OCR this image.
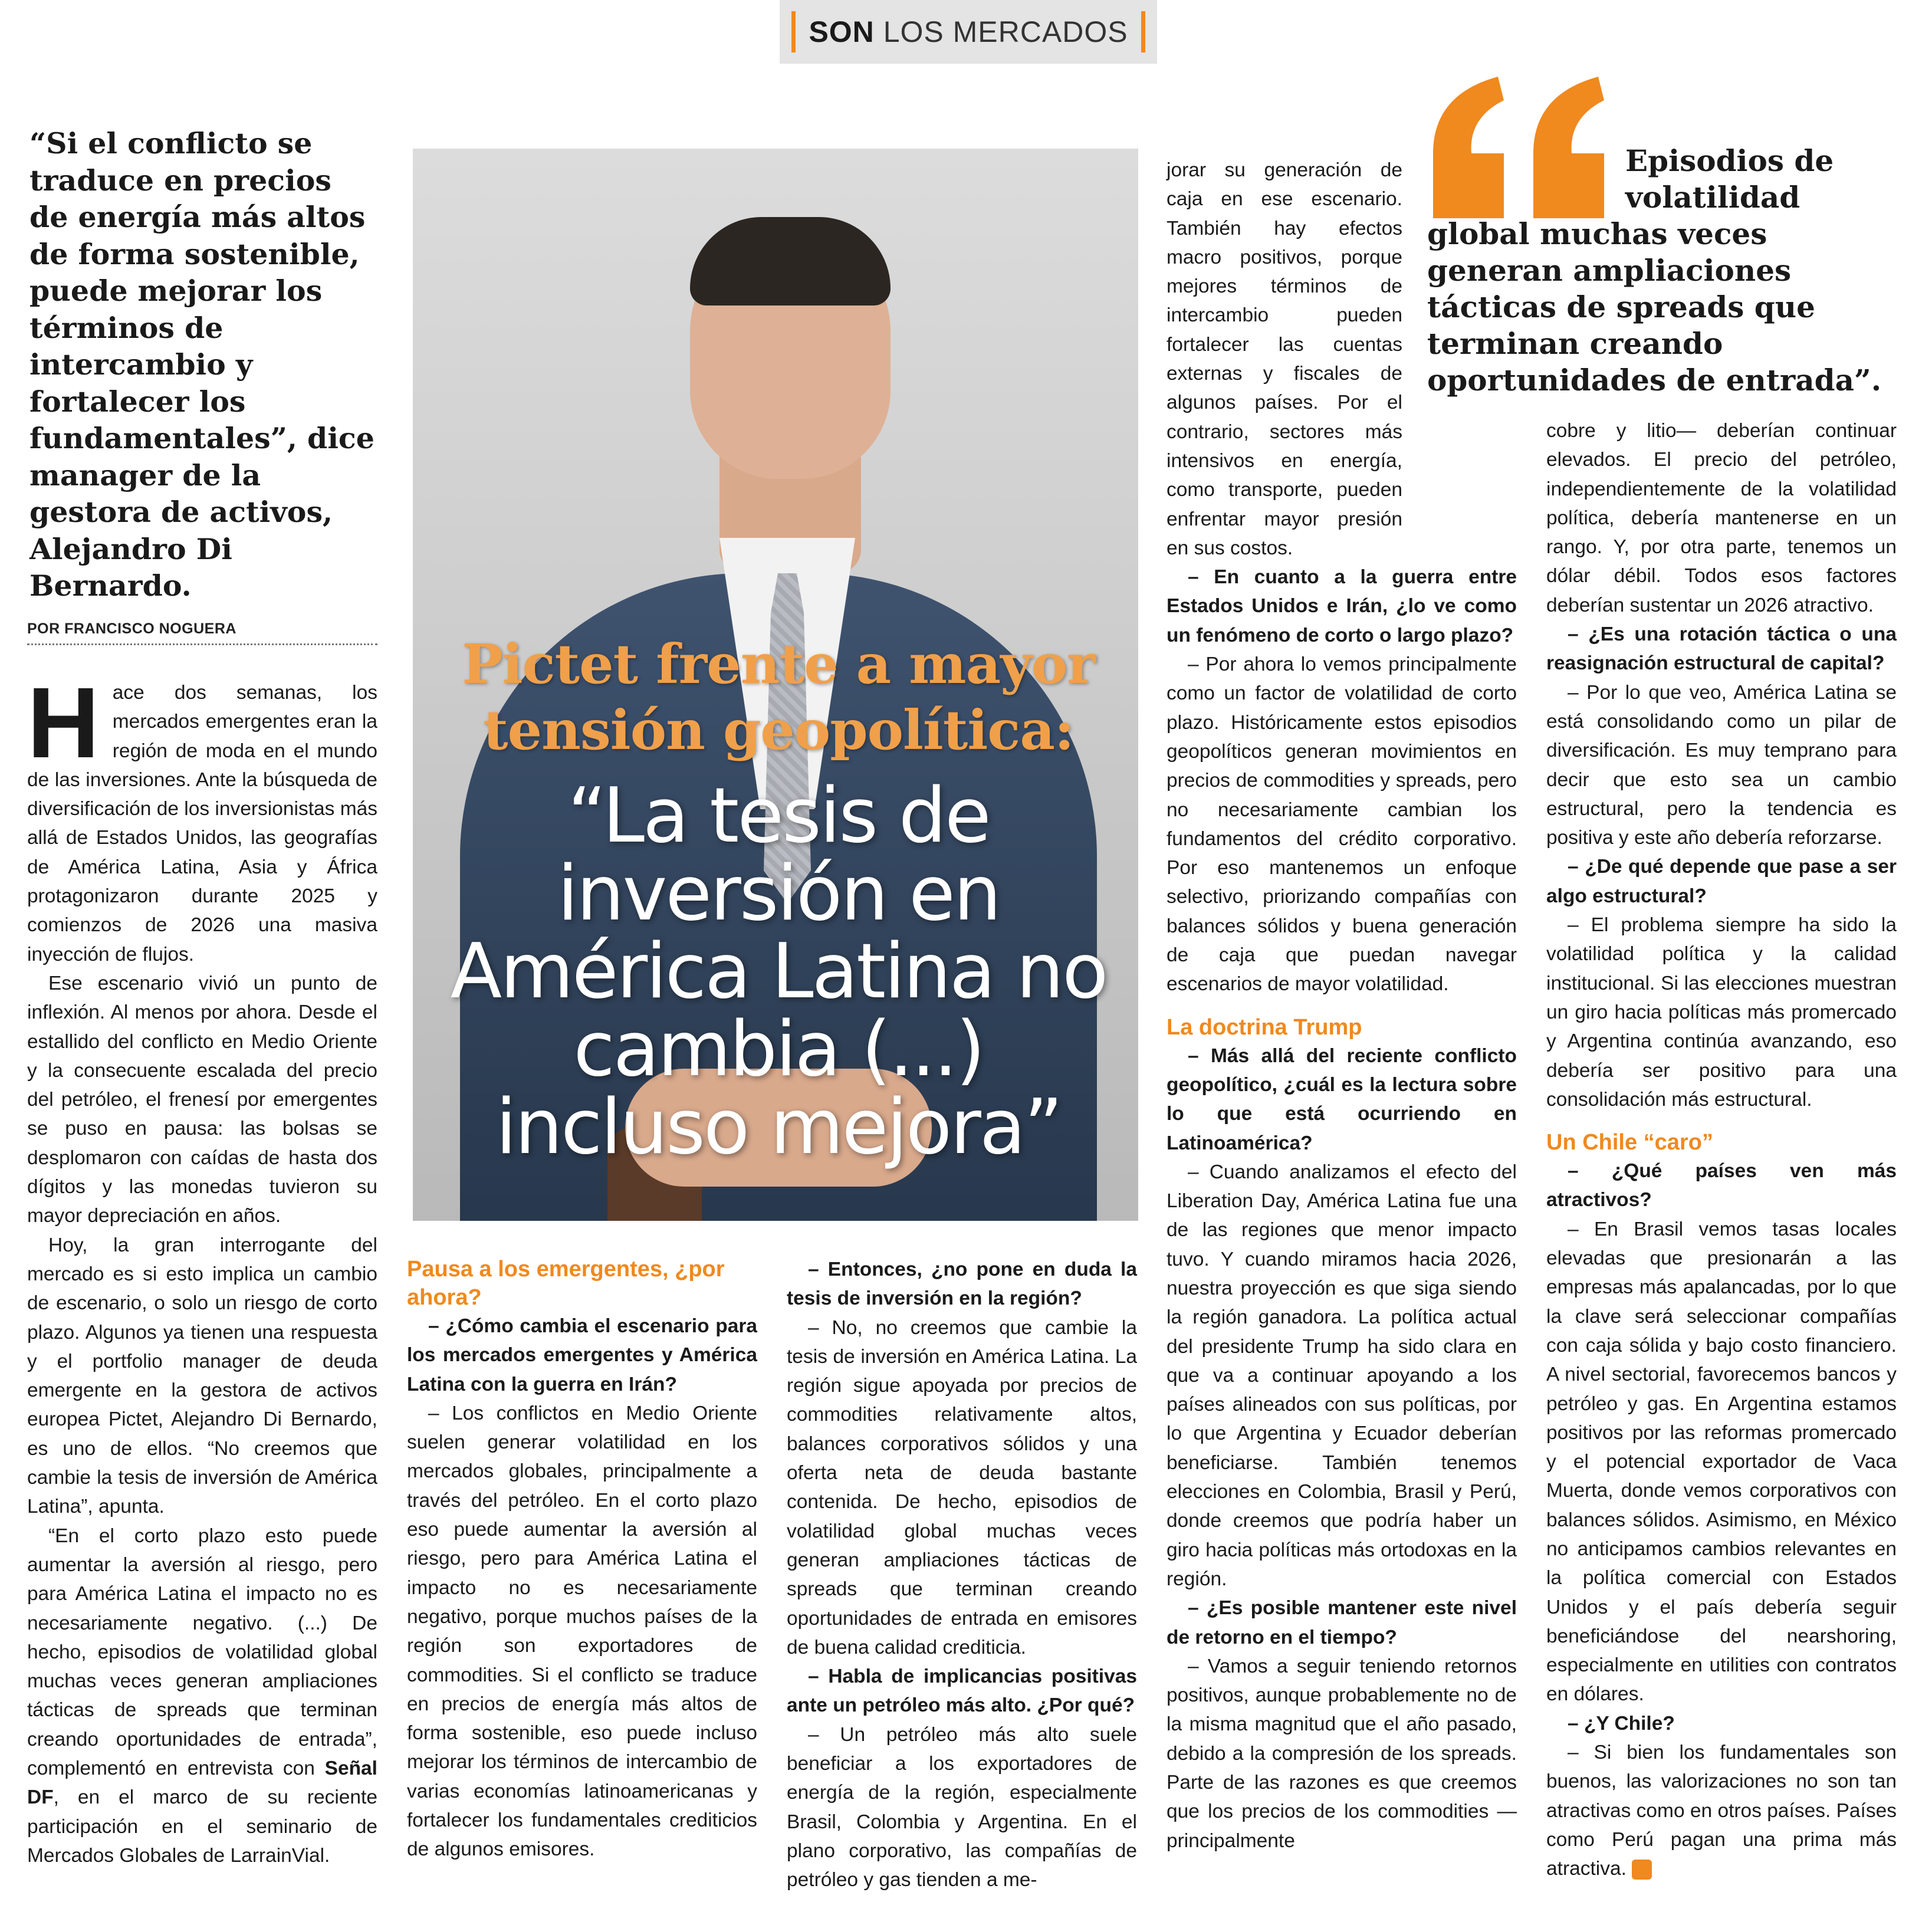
SON LOS MERCADOS
“Si el conflicto se traduce en precios de energía más altos de forma sostenible, puede mejorar los términos de intercambio y fortalecer los fundamentales”, dice manager de la gestora de activos, Alejandro Di Bernardo.
POR FRANCISCO NOGUERA
H ace dos semanas, los mercados emergentes eran la región de moda en el mundo de las inversiones. Ante la búsqueda de diversificación de los inversionistas más allá de Estados Unidos, las geografías de América Latina, Asia y África protagonizaron durante 2025 y comienzos de 2026 una masiva inyección de flujos.

Ese escenario vivió un punto de inflexión. Al menos por ahora. Desde el estallido del conflicto en Medio Oriente y la consecuente escalada del precio del petróleo, el frenesí por emergentes se puso en pausa: las bolsas se desplomaron con caídas de hasta dos dígitos y las monedas tuvieron su mayor depreciación en años.

Hoy, la gran interrogante del mercado es si esto implica un cambio de escenario, o solo un riesgo de corto plazo. Algunos ya tienen una respuesta y el portfolio manager de deuda emergente en la gestora de activos europea Pictet, Alejandro Di Bernardo, es uno de ellos. “No creemos que cambie la tesis de inversión de América Latina”, apunta.

“En el corto plazo esto puede aumentar la aversión al riesgo, pero para América Latina el impacto no es necesariamente negativo. (...) De hecho, episodios de volatilidad global muchas veces generan ampliaciones tácticas de spreads que terminan creando oportunidades de entrada”, complementó en entrevista con Señal DF, en el marco de su reciente participación en el seminario de Mercados Globales de LarrainVial.

Pictet frente a mayor tensión geopolítica:
“La tesis de inversión en América Latina no cambia (...) incluso mejora”
Pausa a los emergentes, ¿por ahora?

– ¿Cómo cambia el escenario para los mercados emergentes y América Latina con la guerra en Irán?

– Los conflictos en Medio Oriente suelen generar volatilidad en los mercados globales, principalmente a través del petróleo. En el corto plazo eso puede aumentar la aversión al riesgo, pero para América Latina el impacto no es necesariamente negativo, porque muchos países de la región son exportadores de commodities. Si el conflicto se traduce en precios de energía más altos de forma sostenible, eso puede incluso mejorar los términos de intercambio de varias economías latinoamericanas y fortalecer los fundamentales crediticios de algunos emisores.

– Entonces, ¿no pone en duda la tesis de inversión en la región?

– No, no creemos que cambie la tesis de inversión en América Latina. La región sigue apoyada por precios de commodities relativamente altos, balances corporativos sólidos y una oferta neta de deuda bastante contenida. De hecho, episodios de volatilidad global muchas veces generan ampliaciones tácticas de spreads que terminan creando oportunidades de entrada en emisores de buena calidad crediticia.

– Habla de implicancias positivas ante un petróleo más alto. ¿Por qué?

– Un petróleo más alto suele beneficiar a los exportadores de energía de la región, especialmente Brasil, Colombia y Argentina. En el plano corporativo, las compañías de petróleo y gas tienden a me-

Episodios de volatilidad
global muchas veces generan ampliaciones tácticas de spreads que terminan creando oportunidades de entrada”.

jorar su generación de caja en ese escenario. También hay efectos macro positivos, porque mejores términos de intercambio pueden fortalecer las cuentas externas y fiscales de algunos países. Por el contrario, sectores más intensivos en energía, como transporte, pueden enfrentar mayor presión en sus costos.

– En cuanto a la guerra entre Estados Unidos e Irán, ¿lo ve como un fenómeno de corto o largo plazo?

– Por ahora lo vemos principalmente como un factor de volatilidad de corto plazo. Históricamente estos episodios geopolíticos generan movimientos en precios de commodities y spreads, pero no necesariamente cambian los fundamentos del crédito corporativo. Por eso mantenemos un enfoque selectivo, priorizando compañías con balances sólidos y buena generación de caja que puedan navegar escenarios de mayor volatilidad.

La doctrina Trump

– Más allá del reciente conflicto geopolítico, ¿cuál es la lectura sobre lo que está ocurriendo en Latinoamérica?

– Cuando analizamos el efecto del Liberation Day, América Latina fue una de las regiones que menor impacto tuvo. Y cuando miramos hacia 2026, nuestra proyección es que siga siendo la región ganadora. La política actual del presidente Trump ha sido clara en que va a continuar apoyando a los países alineados con sus políticas, por lo que Argentina y Ecuador deberían beneficiarse. También tenemos elecciones en Colombia, Brasil y Perú, donde creemos que podría haber un giro hacia políticas más ortodoxas en la región.

– ¿Es posible mantener este nivel de retorno en el tiempo?

– Vamos a seguir teniendo retornos positivos, aunque probablemente no de la misma magnitud que el año pasado, debido a la compresión de los spreads. Parte de las razones es que creemos que los precios de los commodities —principalmente

cobre y litio— deberían continuar elevados. El precio del petróleo, independientemente de la volatilidad política, debería mantenerse en un rango. Y, por otra parte, tenemos un dólar débil. Todos esos factores deberían sustentar un 2026 atractivo.

– ¿Es una rotación táctica o una reasignación estructural de capital?

– Por lo que veo, América Latina se está consolidando como un pilar de diversificación. Es muy temprano para decir que esto sea un cambio estructural, pero la tendencia es positiva y este año debería reforzarse.

– ¿De qué depende que pase a ser algo estructural?

– El problema siempre ha sido la volatilidad política y la calidad institucional. Si las elecciones muestran un giro hacia políticas más promercado y Argentina continúa avanzando, eso debería ser positivo para una consolidación más estructural.

Un Chile “caro”

– ¿Qué países ven más atractivos?

– En Brasil vemos tasas locales elevadas que presionarán a las empresas más apalancadas, por lo que la clave será seleccionar compañías con caja sólida y bajo costo financiero. A nivel sectorial, favorecemos bancos y petróleo y gas. En Argentina estamos positivos por las reformas promercado y el potencial exportador de Vaca Muerta, donde vemos corporativos con balances sólidos. Asimismo, en México no anticipamos cambios relevantes en la política comercial con Estados Unidos y el país debería seguir beneficiándose del nearshoring, especialmente en utilities con contratos en dólares.

– ¿Y Chile?

– Si bien los fundamentales son buenos, las valorizaciones no son tan atractivas como en otros países. Países como Perú pagan una prima más atractiva. S
